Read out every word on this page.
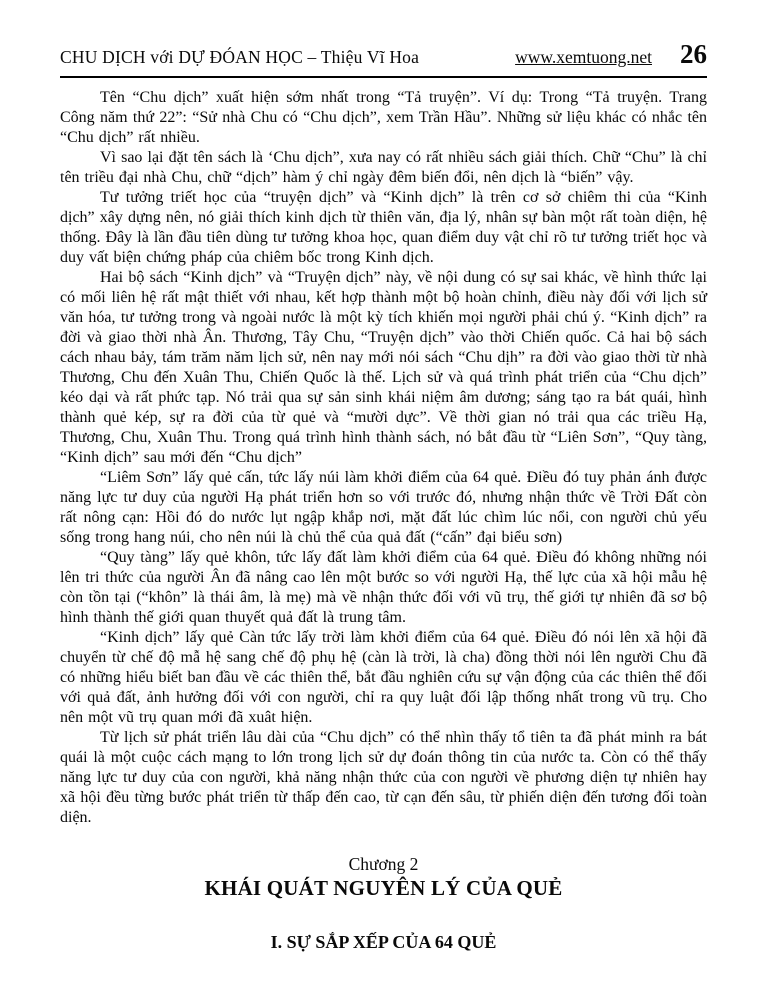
CHU DỊCH với DỰ ĐÓAN HỌC – Thiệu Vĩ Hoa	www.xemtuong.net 26

Tên “Chu dịch” xuất hiện sớm nhất trong “Tả truyện”. Ví dụ: Trong “Tả truyện. Trang Công năm thứ 22”: “Sử nhà Chu có “Chu dịch”, xem Trần Hầu”. Những sử liệu khác có nhắc tên “Chu dịch” rất nhiều.

Vì sao lại đặt tên sách là ‘Chu dịch”, xưa nay có rất nhiều sách giải thích. Chữ “Chu” là chỉ tên triều đại nhà Chu, chữ “dịch” hàm ý chỉ ngày đêm biến đổi, nên dịch là “biến” vậy.

Tư tưởng triết học của “truyện dịch” và “Kinh dịch” là trên cơ sở chiêm thi của “Kinh dịch” xây dựng nên, nó giải thích kinh dịch từ thiên văn, địa lý, nhân sự bàn một rất toàn diện, hệ thống. Đây là lần đầu tiên dùng tư tưởng khoa học, quan điểm duy vật chỉ rõ tư tưởng triết học và duy vất biện chứng pháp của chiêm bốc trong Kinh dịch.

Hai bộ sách “Kinh dịch” và “Truyện dịch” này, về nội dung có sự sai khác, về hình thức lại có mối liên hệ rất mật thiết với nhau, kết hợp thành một bộ hoàn chỉnh, điều này đối với lịch sử văn hóa, tư tưởng trong và ngoài nước là một kỳ tích khiến mọi người phải chú ý. “Kinh dịch” ra đời và giao thời nhà Ân. Thương, Tây Chu, “Truyện dịch” vào thời Chiến quốc. Cả hai bộ sách cách nhau bảy, tám trăm năm lịch sử, nên nay mới nói sách “Chu dịh” ra đời vào giao thời từ nhà Thương, Chu đến Xuân Thu, Chiến Quốc là thế. Lịch sử và quá trình phát triển của “Chu dịch” kéo dại và rất phức tạp. Nó trải qua sự sản sinh khái niệm âm dương; sáng tạo ra bát quái, hình thành quẻ kép, sự ra đời của từ quẻ và “mười dực”. Về thời gian nó trải qua các triều Hạ, Thương, Chu, Xuân Thu. Trong quá trình hình thành sách, nó bắt đầu từ “Liên Sơn”, “Quy tàng, “Kinh dịch” sau mới đến “Chu dịch”

“Liêm Sơn” lấy quẻ cấn, tức lấy núi làm khởi điểm của 64 quẻ. Điều đó tuy phản ánh được năng lực tư duy của người Hạ phát triển hơn so với trước đó, nhưng nhận thức về Trời Đất còn rất nông cạn: Hồi đó do nước lụt ngập khắp nơi, mặt đất lúc chìm lúc nổi, con người chủ yếu sống trong hang núi, cho nên núi là chủ thể của quả đất (“cấn” đại biểu sơn)

“Quy tàng” lấy quẻ khôn, tức lấy đất làm khởi điểm của 64 quẻ. Điều đó không những nói lên tri thức của người Ân đã nâng cao lên một bước so với người Hạ, thế lực của xã hội mẫu hệ còn tồn tại (“khôn” là thái âm, là mẹ) mà về nhận thức đối với vũ trụ, thế giới tự nhiên đã sơ bộ hình thành thế giới quan thuyết quả đất là trung tâm.

“Kinh dịch” lấy quẻ Càn tức lấy trời làm khởi điểm của 64 quẻ. Điều đó nói lên xã hội đã chuyển từ chế độ mẫ hệ sang chế độ phụ hệ (càn là trời, là cha) đồng thời nói lên người Chu đã có những hiểu biết ban đầu về các thiên thể, bắt đầu nghiên cứu sự vận động của các thiên thể đối với quả đất, ảnh hưởng đối với con người, chỉ ra quy luật đối lập thống nhất trong vũ trụ. Cho nên một vũ trụ quan mới đã xuât hiện.

Từ lịch sử phát triển lâu dài của “Chu dịch” có thể nhìn thấy tổ tiên ta đã phát minh ra bát quái là một cuộc cách mạng to lớn trong lịch sử dự đoán thông tin của nước ta. Còn có thể thấy năng lực tư duy của con người, khả năng nhận thức của con người về phương diện tự nhiên hay xã hội đều từng bước phát triển từ thấp đến cao, từ cạn đến sâu, từ phiến diện đến tương đối toàn diện.

Chương 2
KHÁI QUÁT NGUYÊN LÝ CỦA QUẺ
I. SỰ SẮP XẾP CỦA 64 QUẺ
